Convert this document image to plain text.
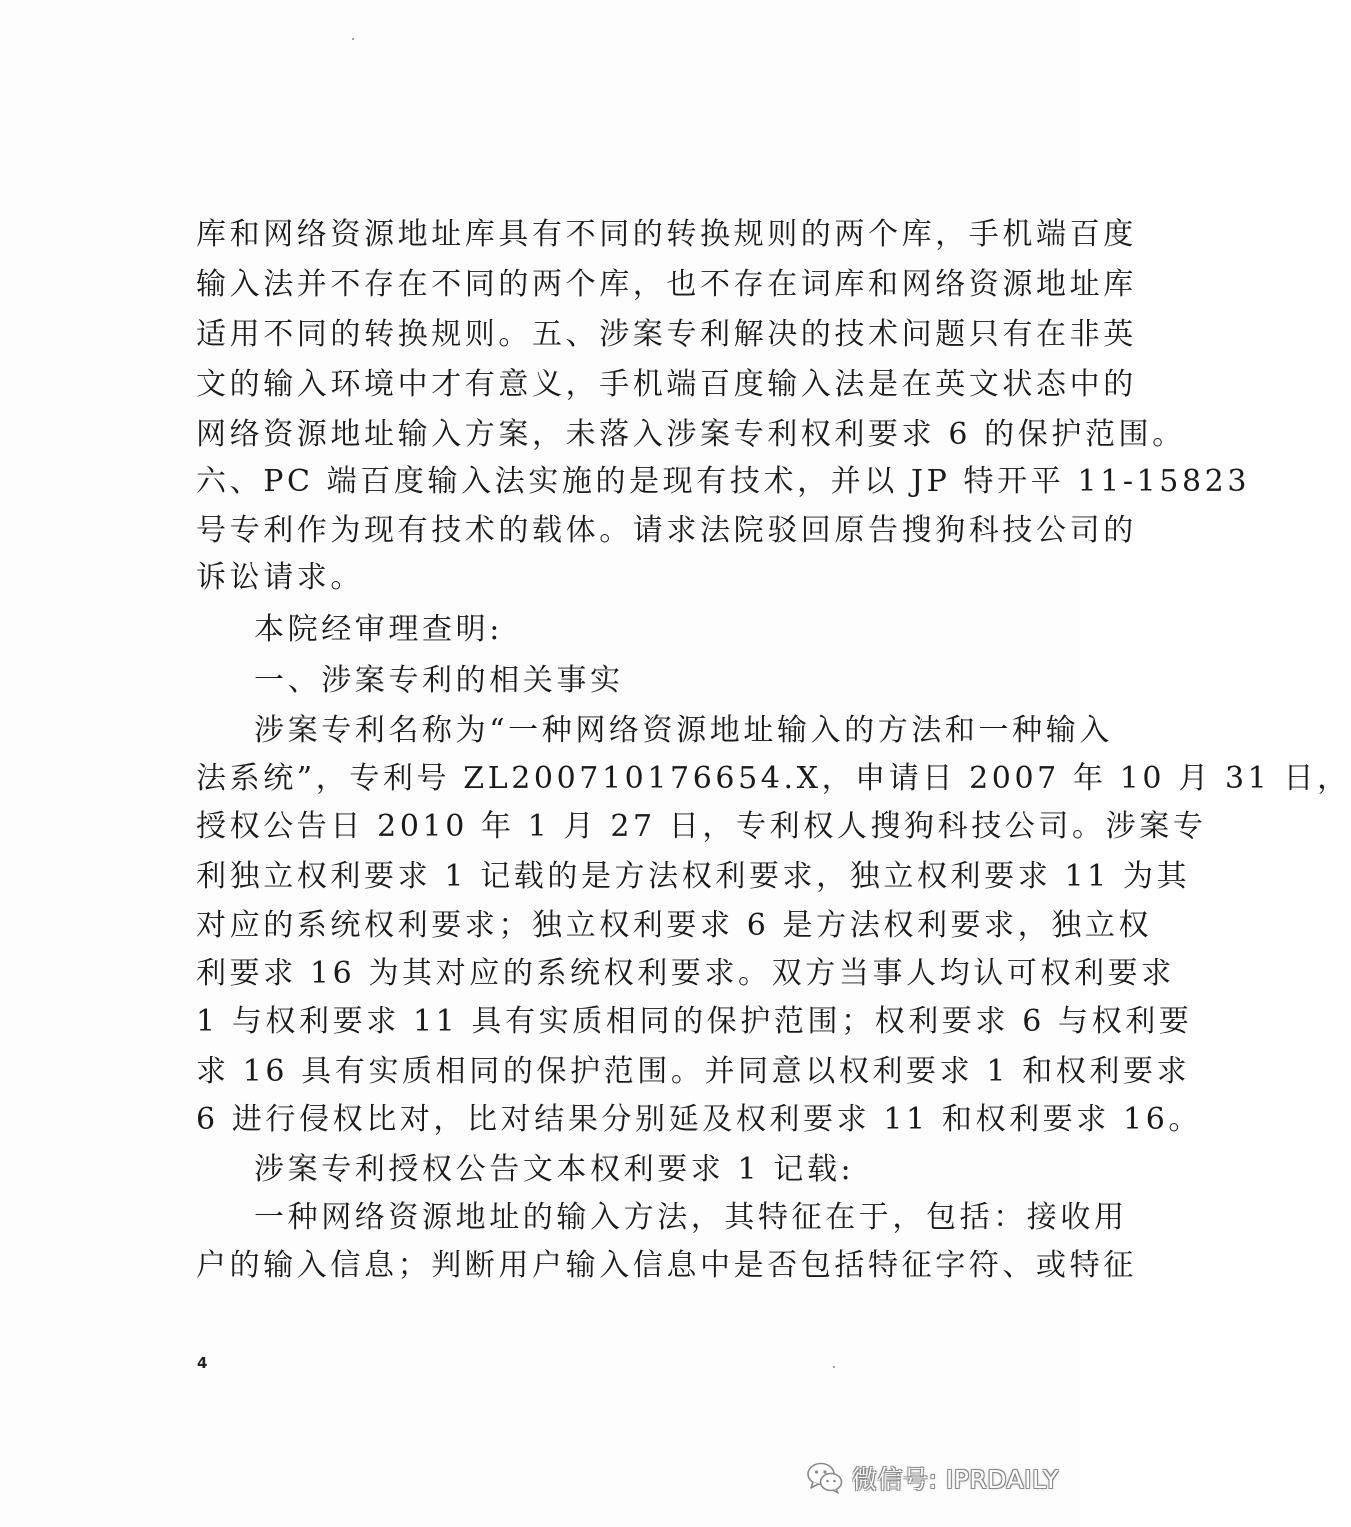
库和网络资源地址库具有不同的转换规则的两个库，手机端百度
输入法并不存在不同的两个库，也不存在词库和网络资源地址库
适用不同的转换规则。五、涉案专利解决的技术问题只有在非英
文的输入环境中才有意义，手机端百度输入法是在英文状态中的
网络资源地址输入方案，未落入涉案专利权利要求 6 的保护范围。
六、PC 端百度输入法实施的是现有技术，并以 JP 特开平 11-15823
号专利作为现有技术的载体。请求法院驳回原告搜狗科技公司的
诉讼请求。
本院经审理查明:
一、涉案专利的相关事实
涉案专利名称为“一种网络资源地址输入的方法和一种输入
法系统”，专利号 ZL200710176654.X，申请日 2007 年 10 月 31 日，
授权公告日 2010 年 1 月 27 日，专利权人搜狗科技公司。涉案专
利独立权利要求 1 记载的是方法权利要求，独立权利要求 11 为其
对应的系统权利要求；独立权利要求 6 是方法权利要求，独立权
利要求 16 为其对应的系统权利要求。双方当事人均认可权利要求
1 与权利要求 11 具有实质相同的保护范围；权利要求 6 与权利要
求 16 具有实质相同的保护范围。并同意以权利要求 1 和权利要求
6 进行侵权比对，比对结果分别延及权利要求 11 和权利要求 16。
涉案专利授权公告文本权利要求 1 记载:
一种网络资源地址的输入方法，其特征在于，包括：接收用
户的输入信息；判断用户输入信息中是否包括特征字符、或特征
4
微信号: IPRDAILY
